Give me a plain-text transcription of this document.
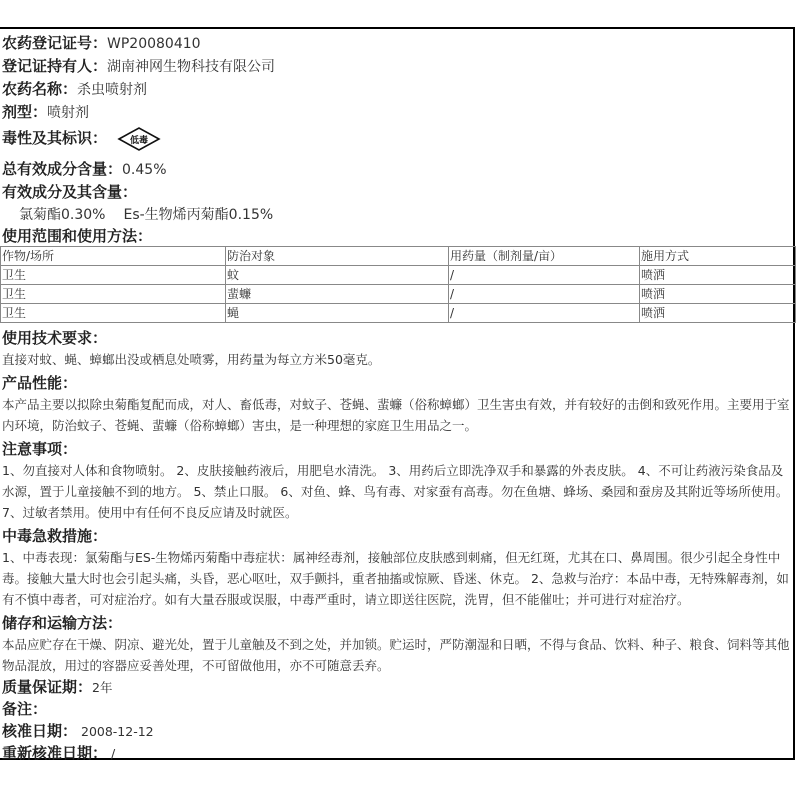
农药登记证号：WP20080410
登记证持有人：湖南神网生物科技有限公司
农药名称：杀虫喷射剂
剂型：喷射剂
毒性及其标识：	低毒
总有效成分含量：0.45%
有效成分及其含量：
氯菊酯0.30% Es-生物烯丙菊酯0.15%
使用范围和使用方法：
作物/场所	防治对象	用药量（制剂量/亩）	施用方式
卫生	蚊	/	喷洒
卫生	蜚蠊	/	喷洒
卫生	蝇	/	喷洒
使用技术要求：
直接对蚊、蝇、蟑螂出没或栖息处喷雾，用药量为每立方米50毫克。
产品性能：
本产品主要以拟除虫菊酯复配而成，对人、畜低毒，对蚊子、苍蝇、蜚蠊（俗称蟑螂）卫生害虫有效，并有较好的击倒和致死作用。主要用于室内环境，防治蚊子、苍蝇、蜚蠊（俗称蟑螂）害虫，是一种理想的家庭卫生用品之一。
注意事项：
1、勿直接对人体和食物喷射。 2、皮肤接触药液后，用肥皂水清洗。 3、用药后立即洗净双手和暴露的外表皮肤。 4、不可让药液污染食品及水源，置于儿童接触不到的地方。 5、禁止口服。 6、对鱼、蜂、鸟有毒、对家蚕有高毒。勿在鱼塘、蜂场、桑园和蚕房及其附近等场所使用。 7、过敏者禁用。使用中有任何不良反应请及时就医。
中毒急救措施：
1、中毒表现：氯菊酯与ES-生物烯丙菊酯中毒症状：属神经毒剂，接触部位皮肤感到刺痛，但无红斑，尤其在口、鼻周围。很少引起全身性中毒。接触大量大时也会引起头痛，头昏，恶心呕吐，双手颤抖，重者抽搐或惊厥、昏迷、休克。 2、急救与治疗：本品中毒，无特殊解毒剂，如有不慎中毒者，可对症治疗。如有大量吞服或误服，中毒严重时，请立即送往医院，洗胃，但不能催吐；并可进行对症治疗。
储存和运输方法：
本品应贮存在干燥、阴凉、避光处，置于儿童触及不到之处，并加锁。贮运时，严防潮湿和日晒，不得与食品、饮料、种子、粮食、饲料等其他物品混放，用过的容器应妥善处理，不可留做他用，亦不可随意丢弃。
质量保证期：2年
备注：
核准日期： 2008-12-12
重新核准日期： /
